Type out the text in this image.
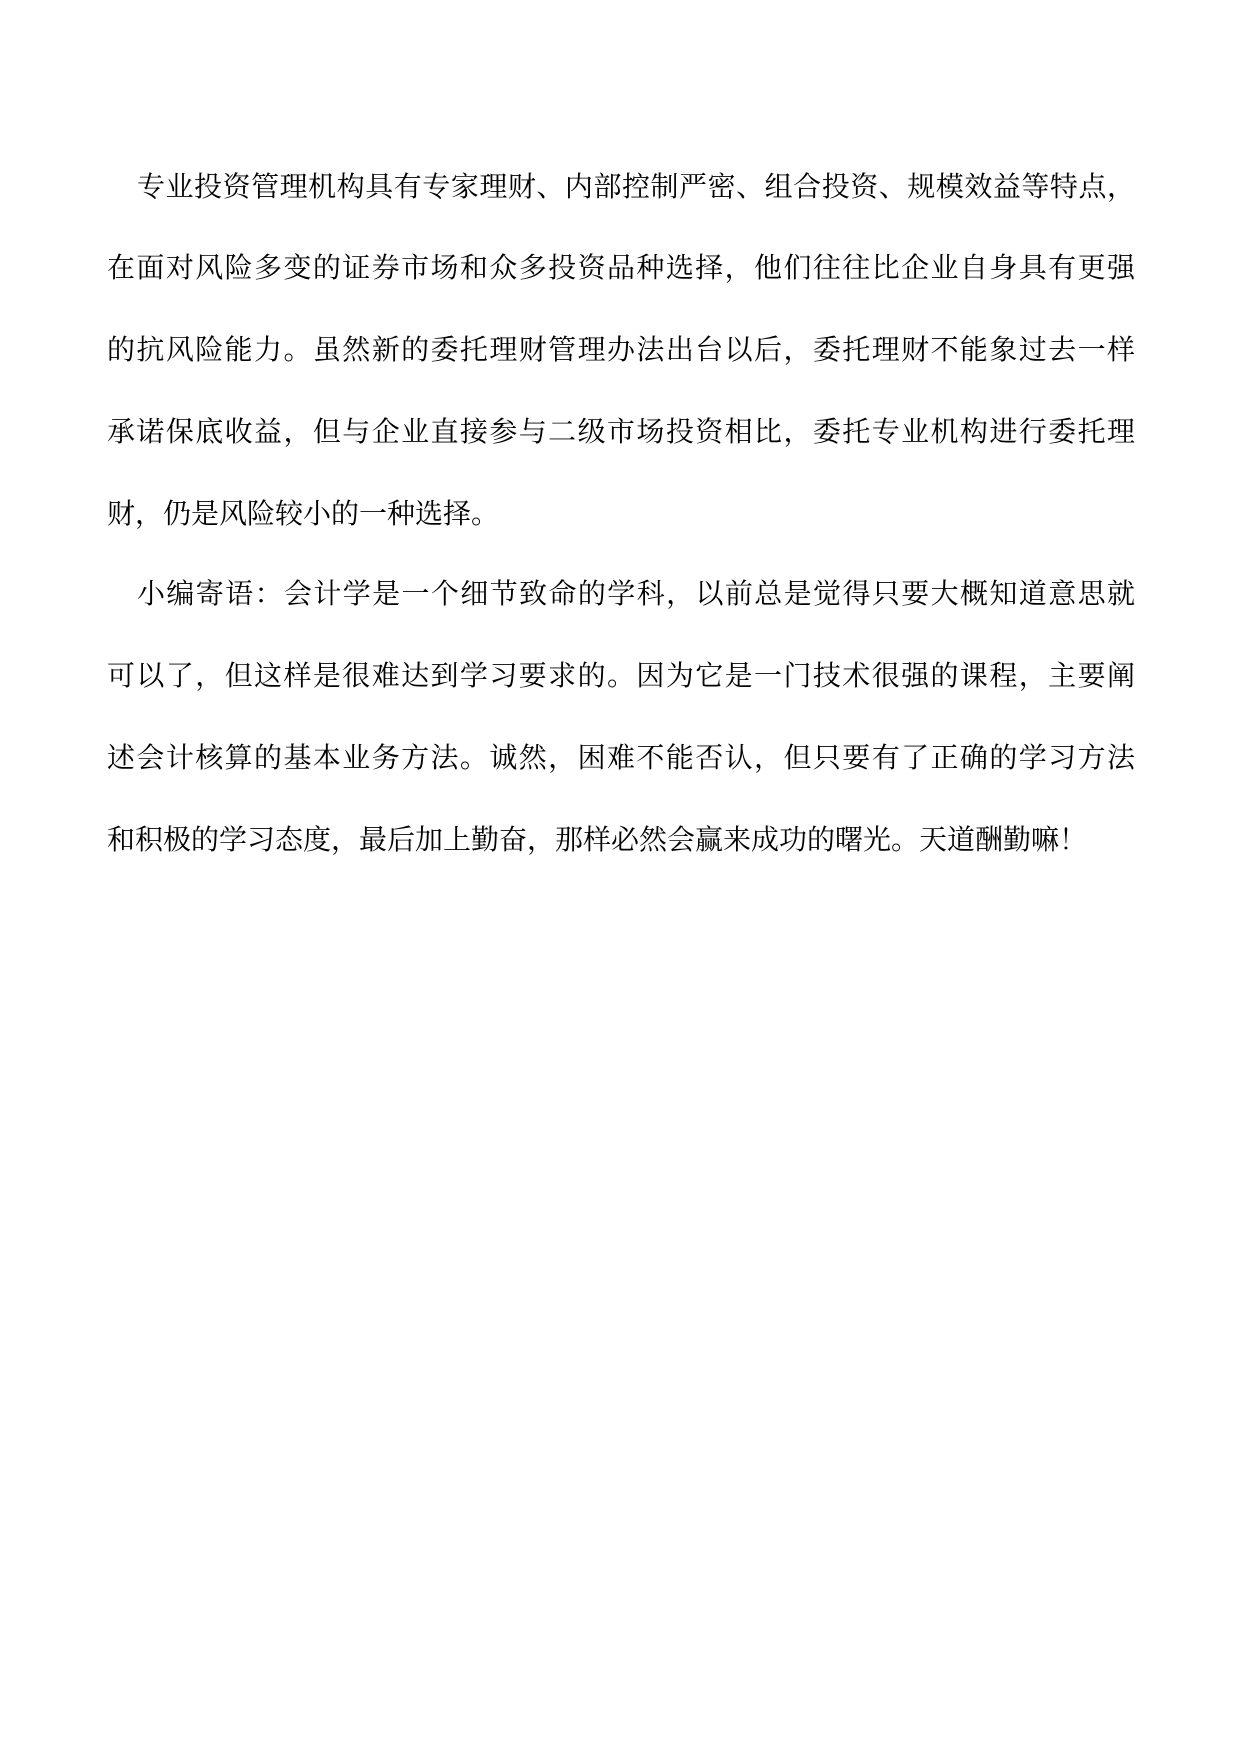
专业投资管理机构具有专家理财、内部控制严密、组合投资、规模效益等特点，
在面对风险多变的证券市场和众多投资品种选择，他们往往比企业自身具有更强
的抗风险能力。虽然新的委托理财管理办法出台以后，委托理财不能象过去一样
承诺保底收益，但与企业直接参与二级市场投资相比，委托专业机构进行委托理
财，仍是风险较小的一种选择。
小编寄语：会计学是一个细节致命的学科，以前总是觉得只要大概知道意思就
可以了，但这样是很难达到学习要求的。因为它是一门技术很强的课程，主要阐
述会计核算的基本业务方法。诚然，困难不能否认，但只要有了正确的学习方法
和积极的学习态度，最后加上勤奋，那样必然会赢来成功的曙光。天道酬勤嘛！
